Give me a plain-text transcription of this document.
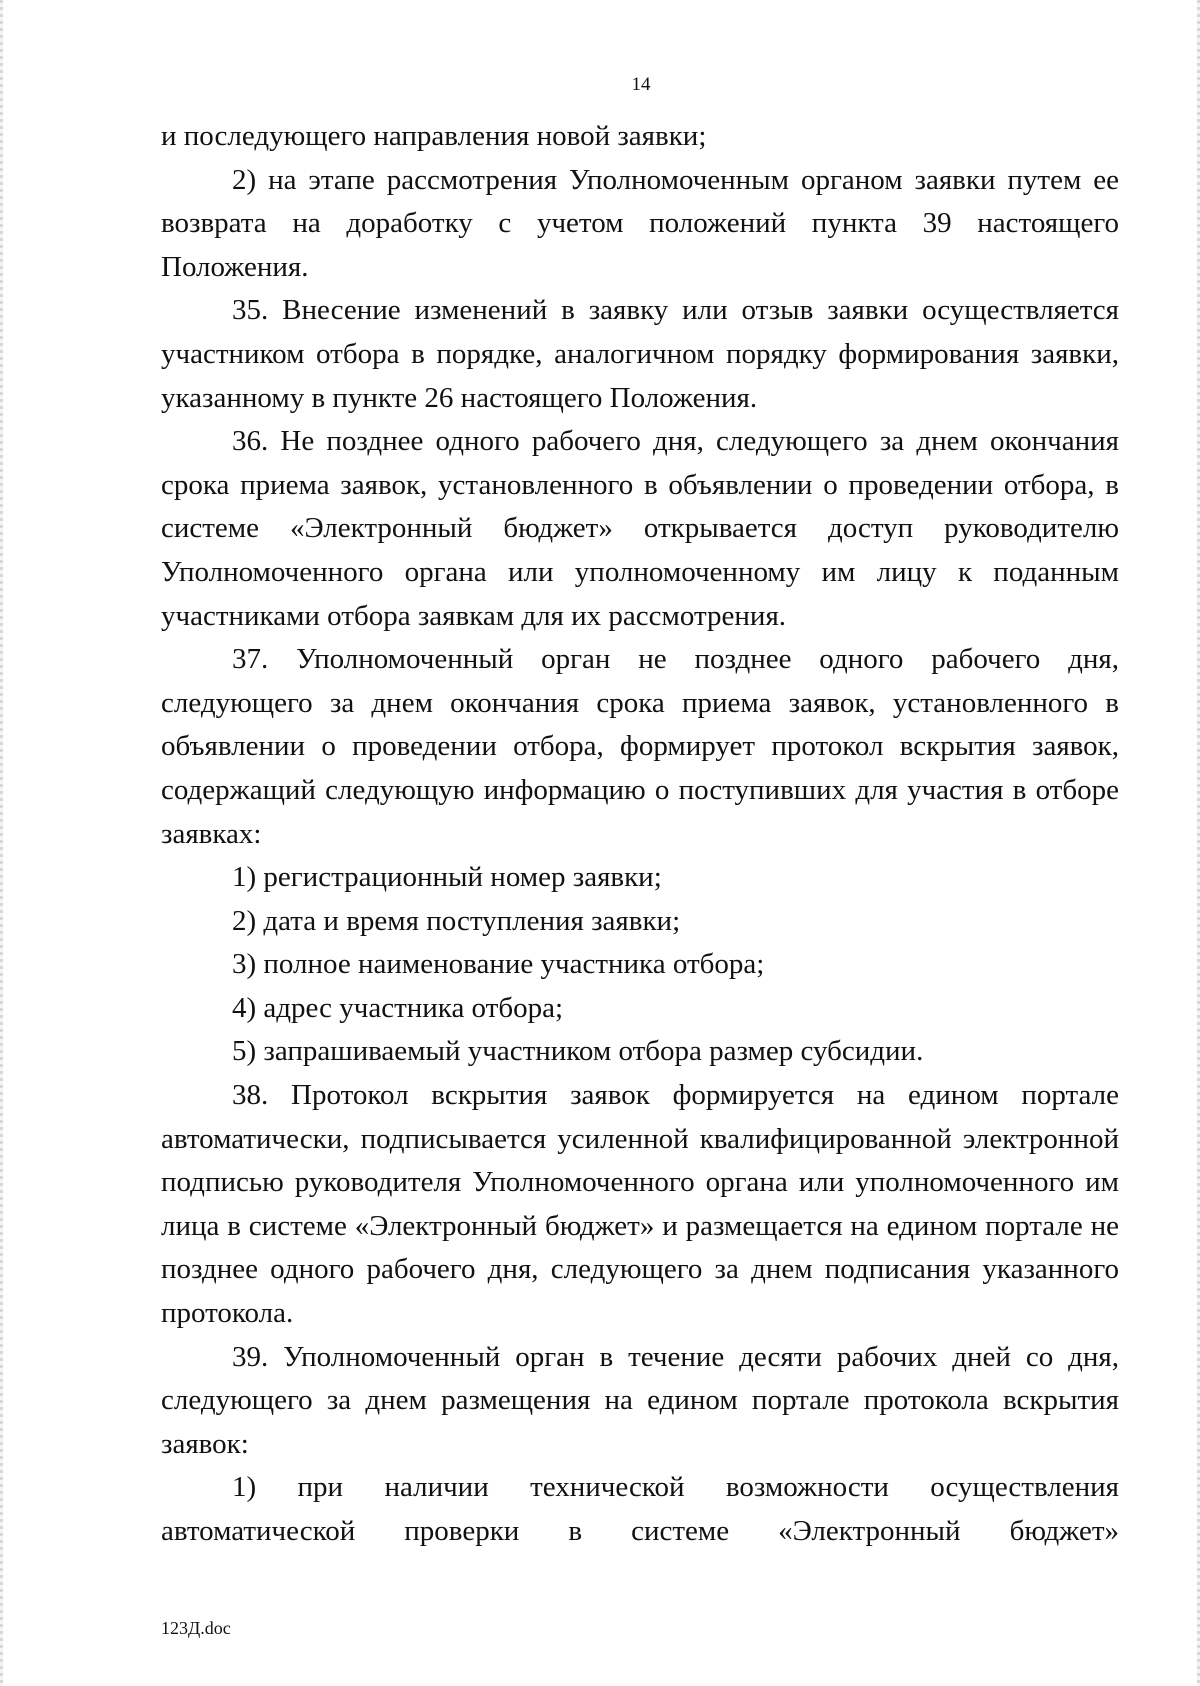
14

и последующего направления новой заявки;

2) на этапе рассмотрения Уполномоченным органом заявки путем ее возврата на доработку с учетом положений пункта 39 настоящего Положения.

35. Внесение изменений в заявку или отзыв заявки осуществляется участником отбора в порядке, аналогичном порядку формирования заявки, указанному в пункте 26 настоящего Положения.

36. Не позднее одного рабочего дня, следующего за днем окончания срока приема заявок, установленного в объявлении о проведении отбора, в системе «Электронный бюджет» открывается доступ руководителю Уполномоченного органа или уполномоченному им лицу к поданным участниками отбора заявкам для их рассмотрения.

37. Уполномоченный орган не позднее одного рабочего дня, следующего за днем окончания срока приема заявок, установленного в объявлении о проведении отбора, формирует протокол вскрытия заявок, содержащий следующую информацию о поступивших для участия в отборе заявках:

1) регистрационный номер заявки;

2) дата и время поступления заявки;

3) полное наименование участника отбора;

4) адрес участника отбора;

5) запрашиваемый участником отбора размер субсидии.

38. Протокол вскрытия заявок формируется на едином портале автоматически, подписывается усиленной квалифицированной электронной подписью руководителя Уполномоченного органа или уполномоченного им лица в системе «Электронный бюджет» и размещается на едином портале не позднее одного рабочего дня, следующего за днем подписания указанного протокола.

39. Уполномоченный орган в течение десяти рабочих дней со дня, следующего за днем размещения на едином портале протокола вскрытия заявок:

1) при наличии технической возможности осуществления автоматической проверки в системе «Электронный бюджет»

123Д.doc
